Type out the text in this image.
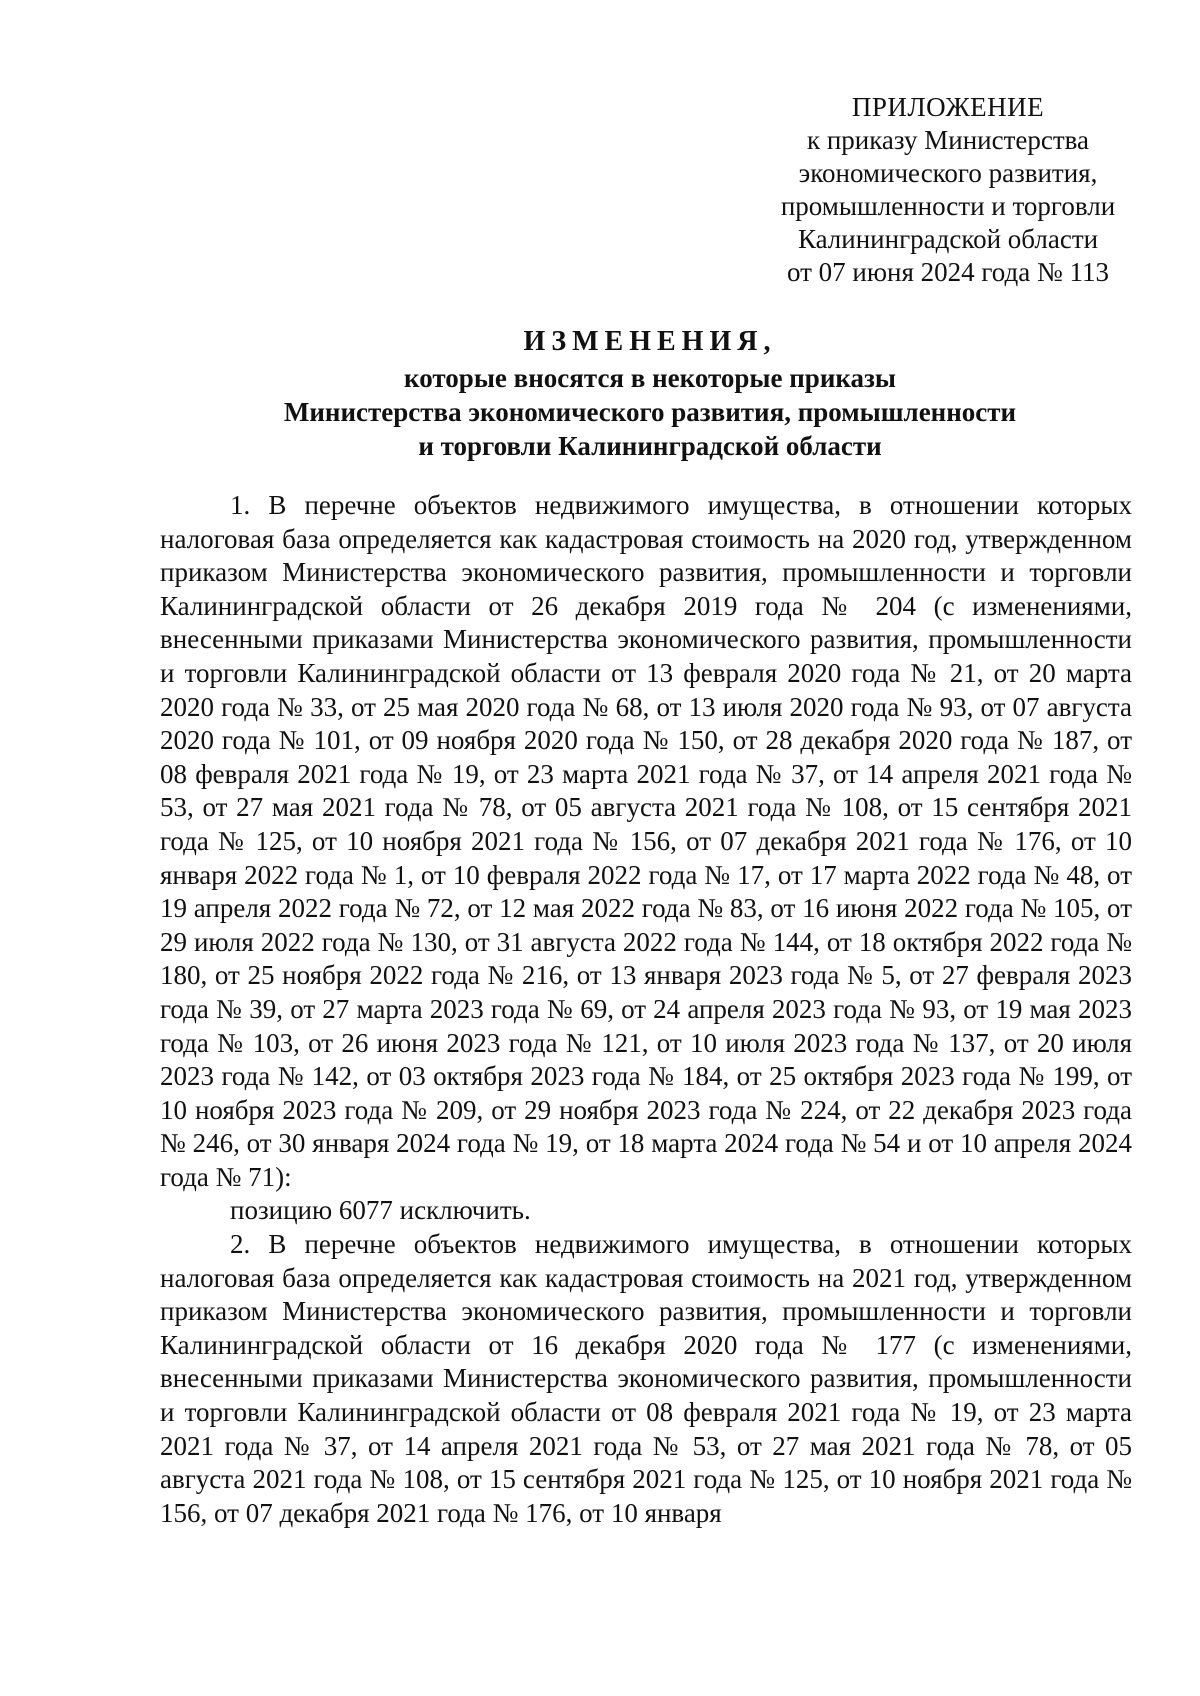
ПРИЛОЖЕНИЕ
к приказу Министерства
экономического развития,
промышленности и торговли
Калининградской области
от 07 июня 2024 года № 113
ИЗМЕНЕНИЯ,
которые вносятся в некоторые приказы
Министерства экономического развития, промышленности
и торговли Калининградской области

1. В перечне объектов недвижимого имущества, в отношении которых налоговая база определяется как кадастровая стоимость на 2020 год, утвержденном приказом Министерства экономического развития, промышленности и торговли Калининградской области от 26 декабря 2019 года № 204 (с изменениями, внесенными приказами Министерства экономического развития, промышленности и торговли Калининградской области от 13 февраля 2020 года № 21, от 20 марта 2020 года № 33, от 25 мая 2020 года № 68, от 13 июля 2020 года № 93, от 07 августа 2020 года № 101, от 09 ноября 2020 года № 150, от 28 декабря 2020 года № 187, от 08 февраля 2021 года № 19, от 23 марта 2021 года № 37, от 14 апреля 2021 года № 53, от 27 мая 2021 года № 78, от 05 августа 2021 года № 108, от 15 сентября 2021 года № 125, от 10 ноября 2021 года № 156, от 07 декабря 2021 года № 176, от 10 января 2022 года № 1, от 10 февраля 2022 года № 17, от 17 марта 2022 года № 48, от 19 апреля 2022 года № 72, от 12 мая 2022 года № 83, от 16 июня 2022 года № 105, от 29 июля 2022 года № 130, от 31 августа 2022 года № 144, от 18 октября 2022 года № 180, от 25 ноября 2022 года № 216, от 13 января 2023 года № 5, от 27 февраля 2023 года № 39, от 27 марта 2023 года № 69, от 24 апреля 2023 года № 93, от 19 мая 2023 года № 103, от 26 июня 2023 года № 121, от 10 июля 2023 года № 137, от 20 июля 2023 года № 142, от 03 октября 2023 года № 184, от 25 октября 2023 года № 199, от 10 ноября 2023 года № 209, от 29 ноября 2023 года № 224, от 22 декабря 2023 года № 246, от 30 января 2024 года № 19, от 18 марта 2024 года № 54 и от 10 апреля 2024 года № 71):

позицию 6077 исключить.

2. В перечне объектов недвижимого имущества, в отношении которых налоговая база определяется как кадастровая стоимость на 2021 год, утвержденном приказом Министерства экономического развития, промышленности и торговли Калининградской области от 16 декабря 2020 года № 177 (с изменениями, внесенными приказами Министерства экономического развития, промышленности и торговли Калининградской области от 08 февраля 2021 года № 19, от 23 марта 2021 года № 37, от 14 апреля 2021 года № 53, от 27 мая 2021 года № 78, от 05 августа 2021 года № 108, от 15 сентября 2021 года № 125, от 10 ноября 2021 года № 156, от 07 декабря 2021 года № 176, от 10 января
